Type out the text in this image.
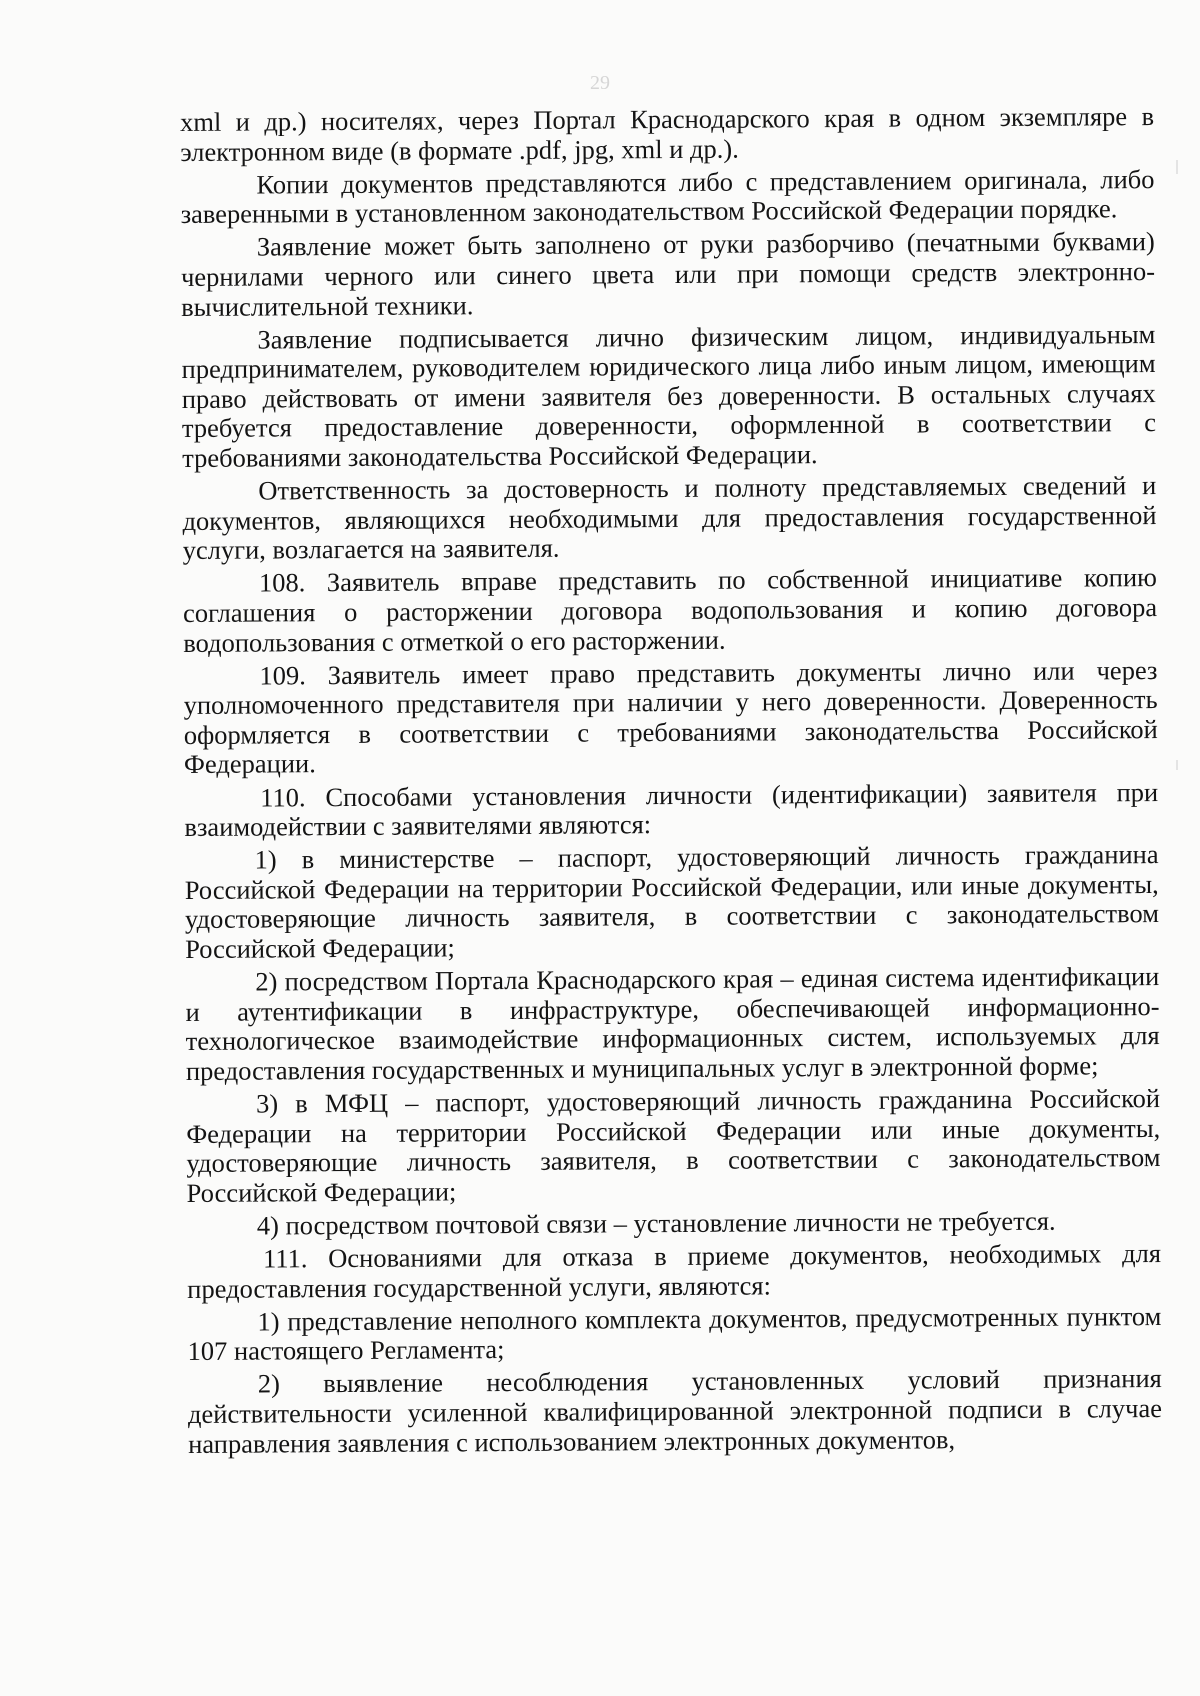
29

xml и др.) носителях, через Портал Краснодарского края в одном экземпляре в электронном виде (в формате .pdf, jpg, xml и др.).

Копии документов представляются либо с представлением оригинала, либо заверенными в установленном законодательством Российской Федерации порядке.

Заявление может быть заполнено от руки разборчиво (печатными буквами) чернилами черного или синего цвета или при помощи средств электронно-вычислительной техники.

Заявление подписывается лично физическим лицом, индивидуальным предпринимателем, руководителем юридического лица либо иным лицом, имеющим право действовать от имени заявителя без доверенности. В остальных случаях требуется предоставление доверенности, оформленной в соответствии с требованиями законодательства Российской Федерации.

Ответственность за достоверность и полноту представляемых сведений и документов, являющихся необходимыми для предоставления государственной услуги, возлагается на заявителя.

108. Заявитель вправе представить по собственной инициативе копию соглашения о расторжении договора водопользования и копию договора водопользования с отметкой о его расторжении.

109. Заявитель имеет право представить документы лично или через уполномоченного представителя при наличии у него доверенности. Доверенность оформляется в соответствии с требованиями законодательства Российской Федерации.

110. Способами установления личности (идентификации) заявителя при взаимодействии с заявителями являются:

1) в министерстве – паспорт, удостоверяющий личность гражданина Российской Федерации на территории Российской Федерации, или иные документы, удостоверяющие личность заявителя, в соответствии с законодательством Российской Федерации;

2) посредством Портала Краснодарского края – единая система идентификации и аутентификации в инфраструктуре, обеспечивающей информационно-технологическое взаимодействие информационных систем, используемых для предоставления государственных и муниципальных услуг в электронной форме;

3) в МФЦ – паспорт, удостоверяющий личность гражданина Российской Федерации на территории Российской Федерации или иные документы, удостоверяющие личность заявителя, в соответствии с законодательством Российской Федерации;

4) посредством почтовой связи – установление личности не требуется.

111. Основаниями для отказа в приеме документов, необходимых для предоставления государственной услуги, являются:

1) представление неполного комплекта документов, предусмотренных пунктом 107 настоящего Регламента;

2) выявление несоблюдения установленных условий признания действительности усиленной квалифицированной электронной подписи в случае направления заявления с использованием электронных документов,
